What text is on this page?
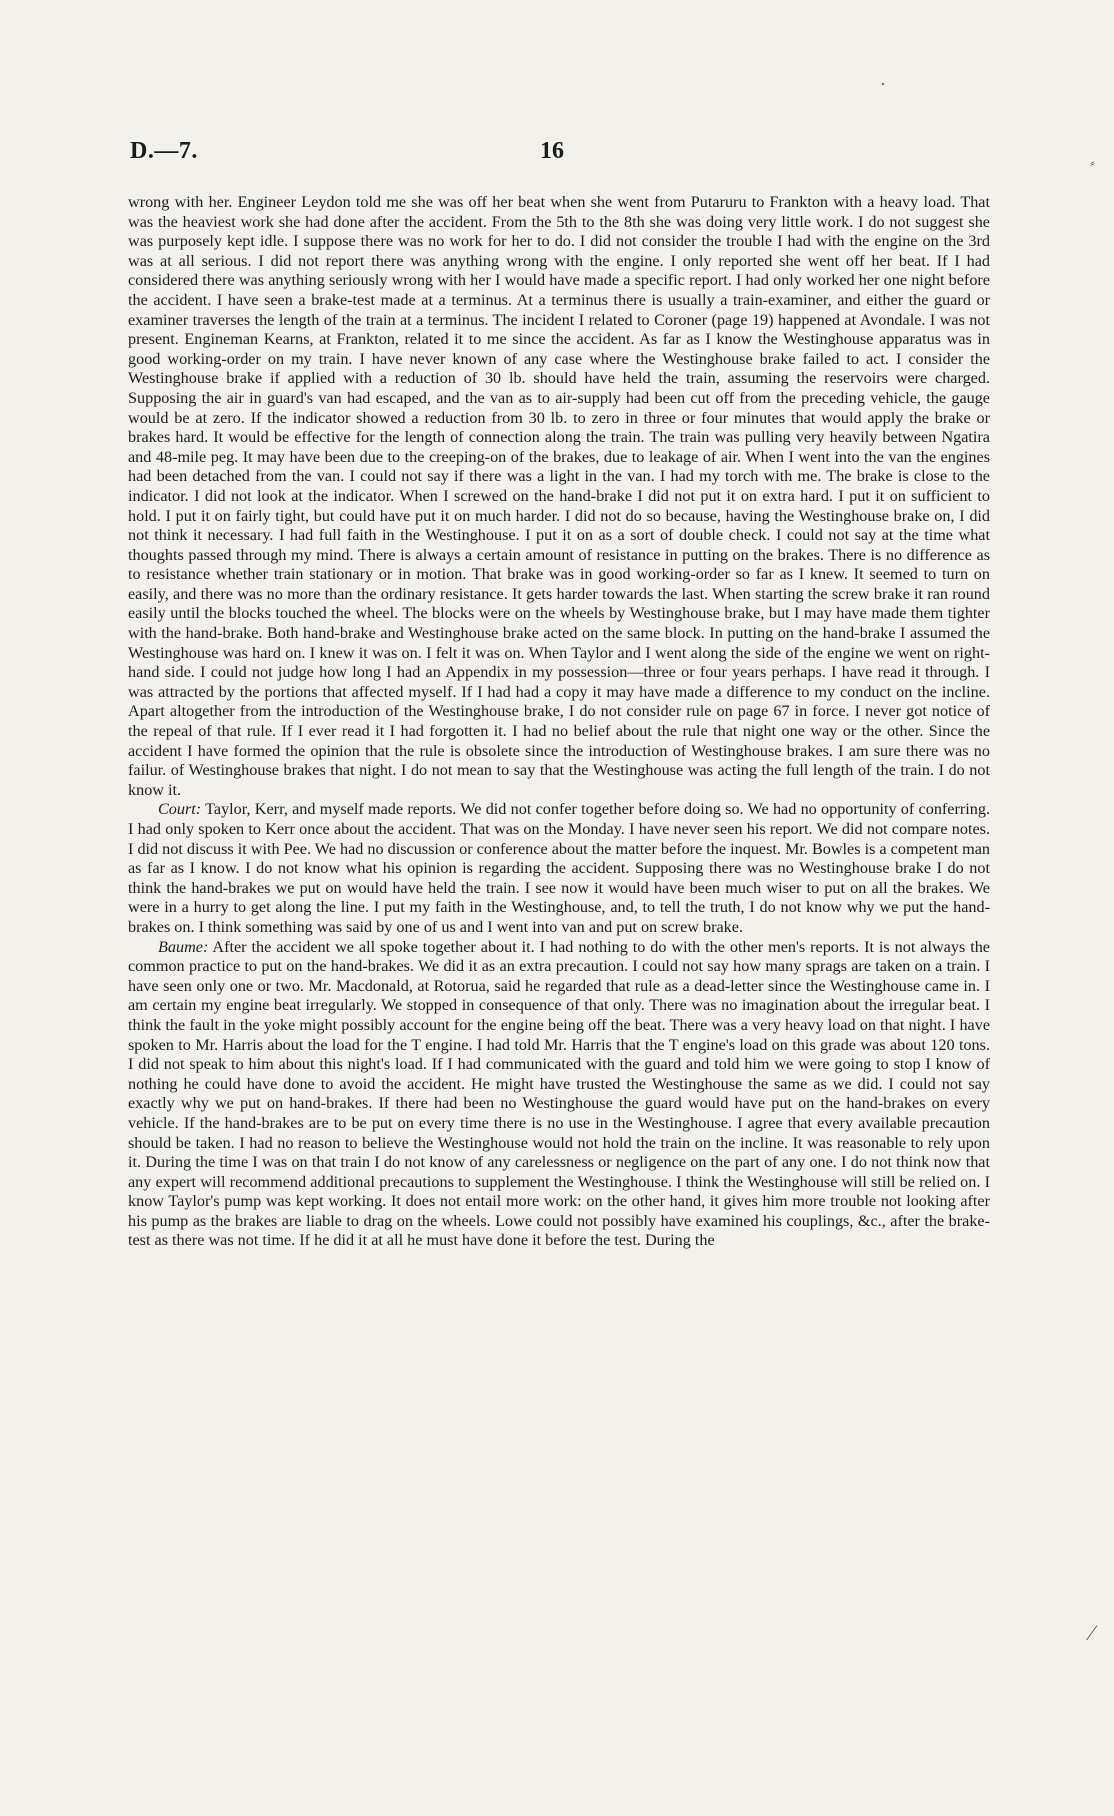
·
⸗
⁄
D.—7.	16

wrong with her. Engineer Leydon told me she was off her beat when she went from Putaruru to Frankton with a heavy load. That was the heaviest work she had done after the accident. From the 5th to the 8th she was doing very little work. I do not suggest she was purposely kept idle. I suppose there was no work for her to do. I did not consider the trouble I had with the engine on the 3rd was at all serious. I did not report there was anything wrong with the engine. I only reported she went off her beat. If I had considered there was anything seriously wrong with her I would have made a specific report. I had only worked her one night before the accident. I have seen a brake-test made at a terminus. At a terminus there is usually a train-examiner, and either the guard or examiner traverses the length of the train at a terminus. The incident I related to Coroner (page 19) happened at Avondale. I was not present. Engineman Kearns, at Frankton, related it to me since the accident. As far as I know the Westinghouse apparatus was in good working-order on my train. I have never known of any case where the Westinghouse brake failed to act. I consider the Westinghouse brake if applied with a reduction of 30 lb. should have held the train, assuming the reservoirs were charged. Supposing the air in guard's van had escaped, and the van as to air-supply had been cut off from the preceding vehicle, the gauge would be at zero. If the indicator showed a reduction from 30 lb. to zero in three or four minutes that would apply the brake or brakes hard. It would be effective for the length of connection along the train. The train was pulling very heavily between Ngatira and 48-mile peg. It may have been due to the creeping-on of the brakes, due to leakage of air. When I went into the van the engines had been detached from the van. I could not say if there was a light in the van. I had my torch with me. The brake is close to the indicator. I did not look at the indicator. When I screwed on the hand-brake I did not put it on extra hard. I put it on sufficient to hold. I put it on fairly tight, but could have put it on much harder. I did not do so because, having the Westinghouse brake on, I did not think it necessary. I had full faith in the Westinghouse. I put it on as a sort of double check. I could not say at the time what thoughts passed through my mind. There is always a certain amount of resistance in putting on the brakes. There is no difference as to resistance whether train stationary or in motion. That brake was in good working-order so far as I knew. It seemed to turn on easily, and there was no more than the ordinary resistance. It gets harder towards the last. When starting the screw brake it ran round easily until the blocks touched the wheel. The blocks were on the wheels by Westinghouse brake, but I may have made them tighter with the hand-brake. Both hand-brake and Westinghouse brake acted on the same block. In putting on the hand-brake I assumed the Westinghouse was hard on. I knew it was on. I felt it was on. When Taylor and I went along the side of the engine we went on right-hand side. I could not judge how long I had an Appendix in my possession—three or four years perhaps. I have read it through. I was attracted by the portions that affected myself. If I had had a copy it may have made a difference to my conduct on the incline. Apart altogether from the introduction of the Westinghouse brake, I do not consider rule on page 67 in force. I never got notice of the repeal of that rule. If I ever read it I had forgotten it. I had no belief about the rule that night one way or the other. Since the accident I have formed the opinion that the rule is obsolete since the introduction of Westinghouse brakes. I am sure there was no failur. of Westinghouse brakes that night. I do not mean to say that the Westinghouse was acting the full length of the train. I do not know it.

Court: Taylor, Kerr, and myself made reports. We did not confer together before doing so. We had no opportunity of conferring. I had only spoken to Kerr once about the accident. That was on the Monday. I have never seen his report. We did not compare notes. I did not discuss it with Pee. We had no discussion or conference about the matter before the inquest. Mr. Bowles is a competent man as far as I know. I do not know what his opinion is regarding the accident. Supposing there was no Westinghouse brake I do not think the hand-brakes we put on would have held the train. I see now it would have been much wiser to put on all the brakes. We were in a hurry to get along the line. I put my faith in the Westinghouse, and, to tell the truth, I do not know why we put the hand-brakes on. I think something was said by one of us and I went into van and put on screw brake.

Baume: After the accident we all spoke together about it. I had nothing to do with the other men's reports. It is not always the common practice to put on the hand-brakes. We did it as an extra precaution. I could not say how many sprags are taken on a train. I have seen only one or two. Mr. Macdonald, at Rotorua, said he regarded that rule as a dead-letter since the Westinghouse came in. I am certain my engine beat irregularly. We stopped in consequence of that only. There was no imagination about the irregular beat. I think the fault in the yoke might possibly account for the engine being off the beat. There was a very heavy load on that night. I have spoken to Mr. Harris about the load for the T engine. I had told Mr. Harris that the T engine's load on this grade was about 120 tons. I did not speak to him about this night's load. If I had communicated with the guard and told him we were going to stop I know of nothing he could have done to avoid the accident. He might have trusted the Westinghouse the same as we did. I could not say exactly why we put on hand-brakes. If there had been no Westinghouse the guard would have put on the hand-brakes on every vehicle. If the hand-brakes are to be put on every time there is no use in the Westinghouse. I agree that every available precaution should be taken. I had no reason to believe the Westinghouse would not hold the train on the incline. It was reasonable to rely upon it. During the time I was on that train I do not know of any carelessness or negligence on the part of any one. I do not think now that any expert will recommend additional precautions to supplement the Westinghouse. I think the Westinghouse will still be relied on. I know Taylor's pump was kept working. It does not entail more work: on the other hand, it gives him more trouble not looking after his pump as the brakes are liable to drag on the wheels. Lowe could not possibly have examined his couplings, &c., after the brake-test as there was not time. If he did it at all he must have done it before the test. During the
